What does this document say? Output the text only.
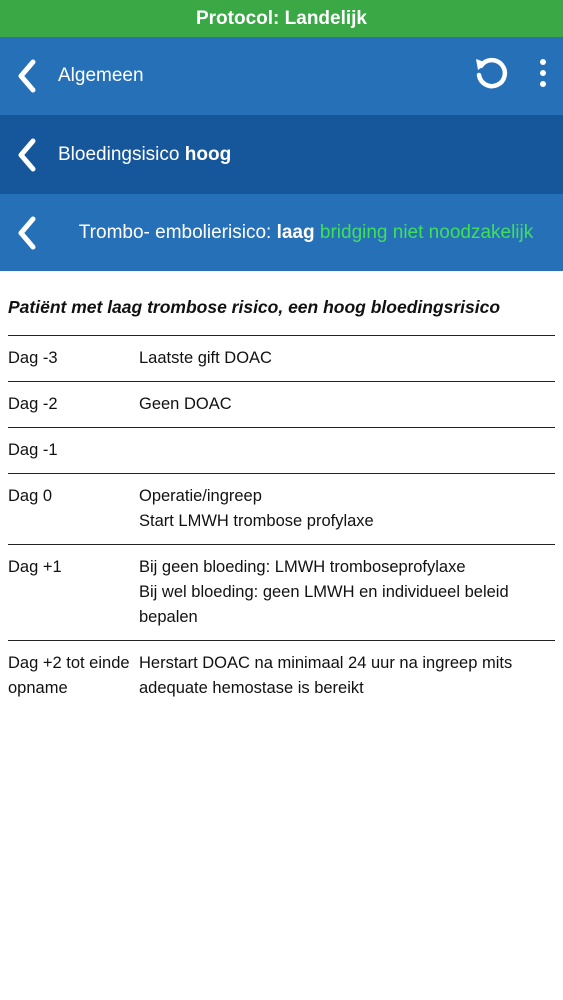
Protocol: Landelijk
Algemeen
Bloedingsisico hoog

Trombo- embolierisico: laag bridging niet noodzakelijk

Patiënt met laag trombose risico, een hoog bloedingsrisico
Dag -3	Laatste gift DOAC

Dag -2	Geen DOAC

Dag -1	
Dag 0	Operatie/ingreep
Start LMWH trombose profylaxe

Dag +1	Bij geen bloeding: LMWH tromboseprofylaxe
Bij wel bloeding: geen LMWH en individueel beleid
bepalen

Dag +2 tot einde opname	Herstart DOAC na minimaal 24 uur na ingreep mits
adequate hemostase is bereikt
